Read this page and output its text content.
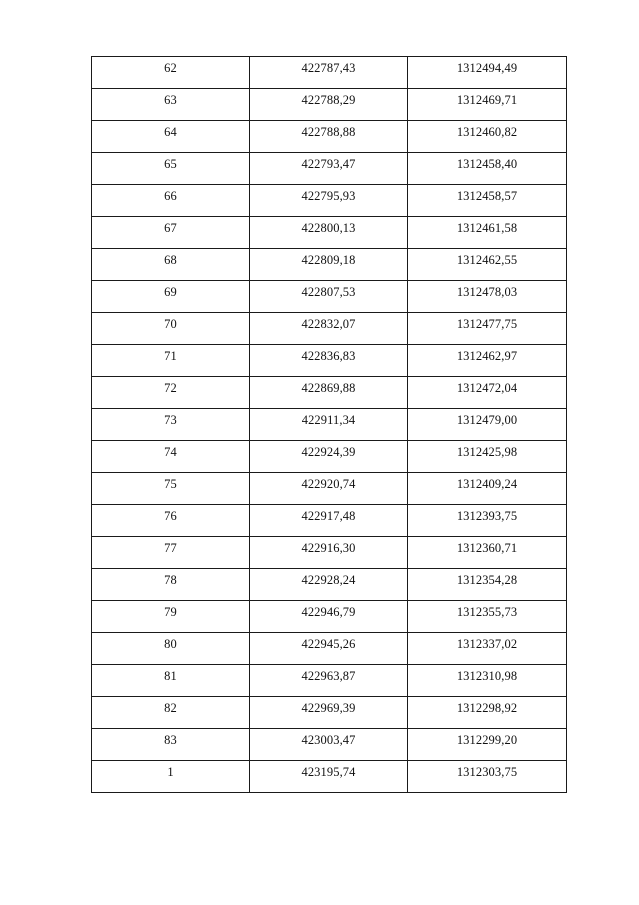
62	422787,43	1312494,49
63	422788,29	1312469,71
64	422788,88	1312460,82
65	422793,47	1312458,40
66	422795,93	1312458,57
67	422800,13	1312461,58
68	422809,18	1312462,55
69	422807,53	1312478,03
70	422832,07	1312477,75
71	422836,83	1312462,97
72	422869,88	1312472,04
73	422911,34	1312479,00
74	422924,39	1312425,98
75	422920,74	1312409,24
76	422917,48	1312393,75
77	422916,30	1312360,71
78	422928,24	1312354,28
79	422946,79	1312355,73
80	422945,26	1312337,02
81	422963,87	1312310,98
82	422969,39	1312298,92
83	423003,47	1312299,20
1	423195,74	1312303,75
